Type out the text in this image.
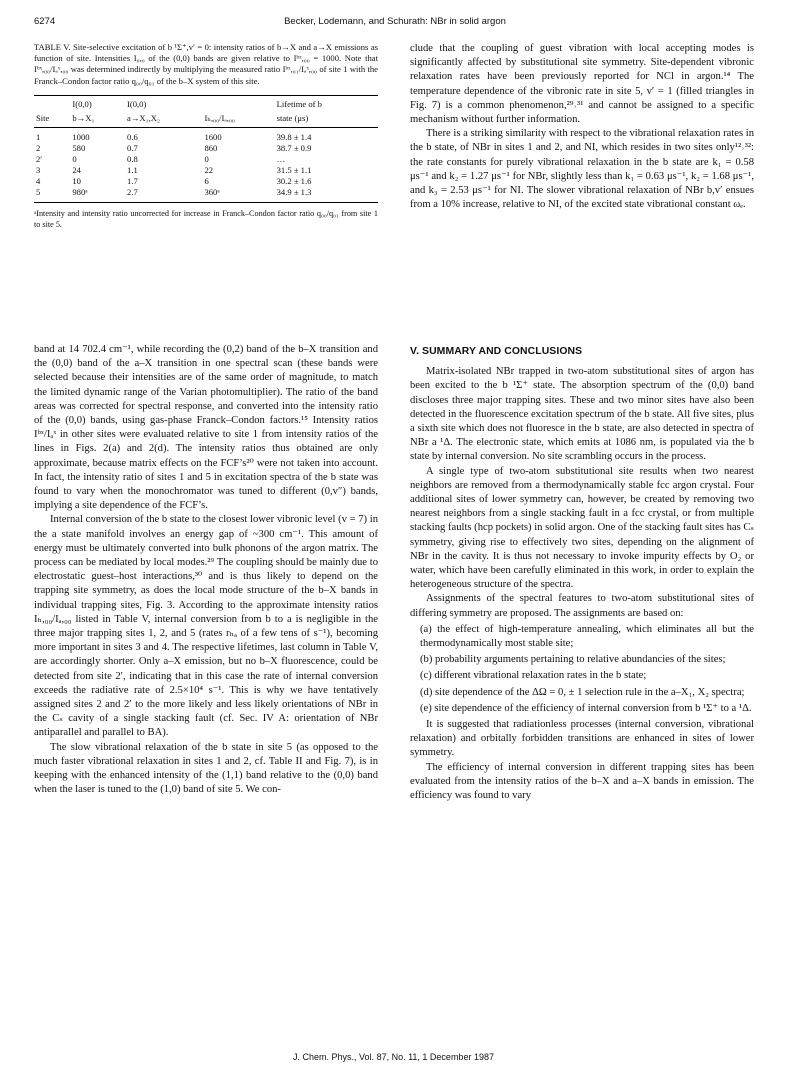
6274	Becker, Lodemann, and Schurath: NBr in solid argon

TABLE V. Site-selective excitation of b ¹Σ⁺,v′ = 0: intensity ratios of b→X and a→X emissions as function of site. Intensities I₀,₀ of the (0,0) bands are given relative to Iᵇˣ,₀₀ = 1000. Note that Iᵇˣ,₀₀/Iₐˣ,₀₀ was determined indirectly by multiplying the measured ratio Iᵇˣ,₀₁/Iₐˣ,₀₀ of site 1 with the Franck–Condon factor ratio q₀₀/q₀₁ of the b–X system of this site.

	I(0,0)	I(0,0)		Lifetime of b
Site	b→X₁	a→X₁,X₂	Iₕ,₀₀/Iₐ,₀₀	state (μs)
1	1000	0.6	1600	39.8 ± 1.4
2	580	0.7	860	38.7 ± 0.9
2′	0	0.8	0	…
3	24	1.1	22	31.5 ± 1.1
4	10	1.7	6	30.2 ± 1.6
5	980ᵃ	2.7	360ᵃ	34.9 ± 1.3

ᵃIntensity and intensity ratio uncorrected for increase in Franck–Condon factor ratio q₀₀/q₀₁ from site 1 to site 5.

clude that the coupling of guest vibration with local accepting modes is significantly affected by substitutional site symmetry. Site-dependent vibronic relaxation rates have been previously reported for NCl in argon.¹⁴ The temperature dependence of the vibronic rate in site 5, v′ = 1 (filled triangles in Fig. 7) is a common phenomenon,²⁹˒³¹ and cannot be assigned to a specific mechanism without further information.

There is a striking similarity with respect to the vibrational relaxation rates in the b state, of NBr in sites 1 and 2, and NI, which resides in two sites only¹²˒³²: the rate constants for purely vibrational relaxation in the b state are k₁ = 0.58 μs⁻¹ and k₂ = 1.27 μs⁻¹ for NBr, slightly less than k₁ = 0.63 μs⁻¹, k₂ = 1.68 μs⁻¹, and k₃ = 2.53 μs⁻¹ for NI. The slower vibrational relaxation of NBr b,v′ ensues from a 10% increase, relative to NI, of the excited state vibrational constant ωₑ.

band at 14 702.4 cm⁻¹, while recording the (0,2) band of the b–X transition and the (0,0) band of the a–X transition in one spectral scan (these bands were selected because their intensities are of the same order of magnitude, to match the limited dynamic range of the Varian photomultiplier). The ratio of the band areas was corrected for spectral response, and converted into the intensity ratio of the (0,0) bands, using gas-phase Franck–Condon factors.¹⁵ Intensity ratios Iᵇˣ/Iₐˣ in other sites were evaluated relative to site 1 from intensity ratios of the lines in Figs. 2(a) and 2(d). The intensity ratios thus obtained are only approximate, because matrix effects on the FCF’s²⁰ were not taken into account. In fact, the intensity ratio of sites 1 and 5 in excitation spectra of the b state was found to vary when the monochromator was tuned to different (0,v″) bands, implying a site dependence of the FCF’s.

Internal conversion of the b state to the closest lower vibronic level (v = 7) in the a state manifold involves an energy gap of ~300 cm⁻¹. This amount of energy must be ultimately converted into bulk phonons of the argon matrix. The process can be mediated by local modes.²⁹ The coupling should be mainly due to electrostatic guest–host interactions,³⁰ and is thus likely to depend on the trapping site symmetry, as does the local mode structure of the b–X bands in individual trapping sites, Fig. 3. According to the approximate intensity ratios Iₕ,₀₀/Iₐ,₀₀ listed in Table V, internal conversion from b to a is negligible in the three major trapping sites 1, 2, and 5 (rates rₕₐ of a few tens of s⁻¹), becoming more important in sites 3 and 4. The respective lifetimes, last column in Table V, are accordingly shorter. Only a–X emission, but no b–X fluorescence, could be detected from site 2′, indicating that in this case the rate of internal conversion exceeds the radiative rate of 2.5×10⁴ s⁻¹. This is why we have tentatively assigned sites 2 and 2′ to the more likely and less likely orientations of NBr in the Cₛ cavity of a single stacking fault (cf. Sec. IV A: orientation of NBr antiparallel and parallel to BA).

The slow vibrational relaxation of the b state in site 5 (as opposed to the much faster vibrational relaxation in sites 1 and 2, cf. Table II and Fig. 7), is in keeping with the enhanced intensity of the (1,1) band relative to the (0,0) band when the laser is tuned to the (1,0) band of site 5. We con-

V. SUMMARY AND CONCLUSIONS

Matrix-isolated NBr trapped in two-atom substitutional sites of argon has been excited to the b ¹Σ⁺ state. The absorption spectrum of the (0,0) band discloses three major trapping sites. These and two minor sites have also been detected in the fluorescence excitation spectrum of the b state. All five sites, plus a sixth site which does not fluoresce in the b state, are also detected in spectra of NBr a ¹Δ. The electronic state, which emits at 1086 nm, is populated via the b state by internal conversion. No site scrambling occurs in the process.

A single type of two-atom substitutional site results when two nearest neighbors are removed from a thermodynamically stable fcc argon crystal. Four additional sites of lower symmetry can, however, be created by removing two nearest neighbors from a single stacking fault in a fcc crystal, or from multiple stacking faults (hcp pockets) in solid argon. One of the stacking fault sites has Cₛ symmetry, giving rise to effectively two sites, depending on the alignment of NBr in the cavity. It is thus not necessary to invoke impurity effects by O₂ or water, which have been carefully eliminated in this work, in order to explain the heterogeneous structure of the spectra.

Assignments of the spectral features to two-atom substitutional sites of differing symmetry are proposed. The assignments are based on:

(a) the effect of high-temperature annealing, which eliminates all but the thermodynamically most stable site;

(b) probability arguments pertaining to relative abundancies of the sites;

(c) different vibrational relaxation rates in the b state;

(d) site dependence of the ΔΩ = 0, ± 1 selection rule in the a–X₁, X₂ spectra;

(e) site dependence of the efficiency of internal conversion from b ¹Σ⁺ to a ¹Δ.

It is suggested that radiationless processes (internal conversion, vibrational relaxation) and orbitally forbidden transitions are enhanced in sites of lower symmetry.

The efficiency of internal conversion in different trapping sites has been evaluated from the intensity ratios of the b–X and a–X bands in emission. The efficiency was found to vary

J. Chem. Phys., Vol. 87, No. 11, 1 December 1987
